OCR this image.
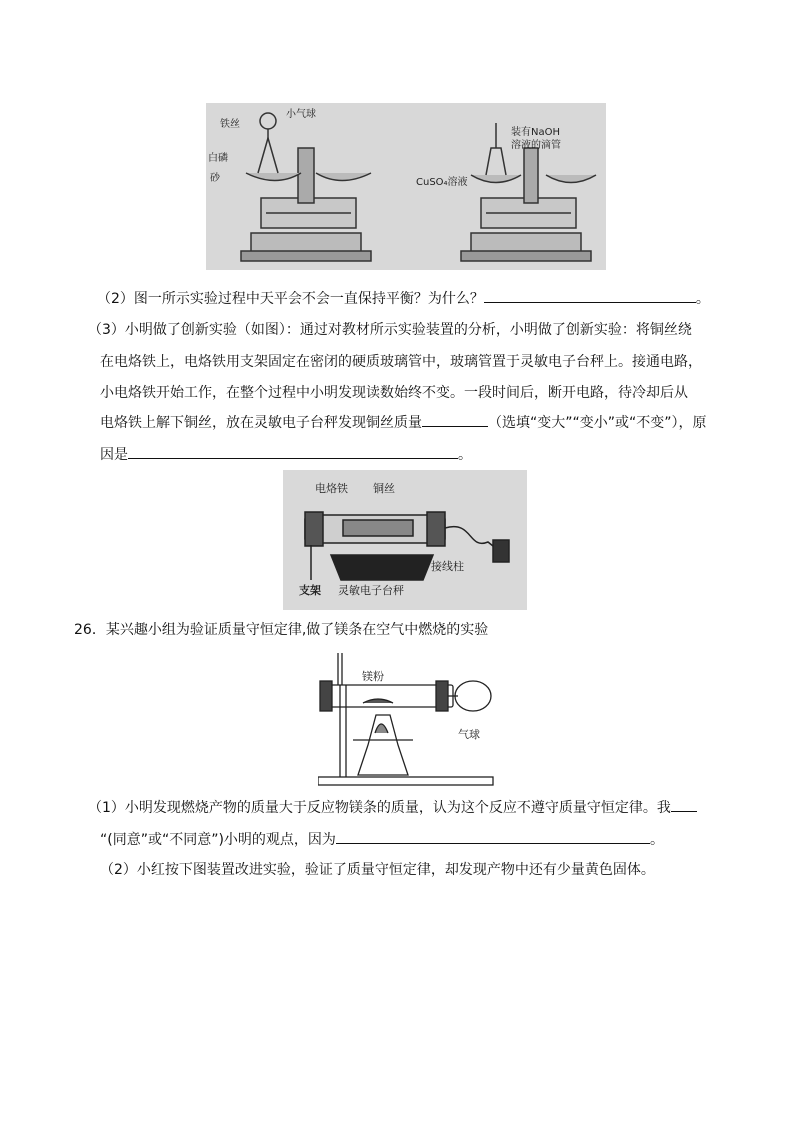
小气球
铁丝
白磷
砂
装有NaOH
溶液的滴管
CuSO₄溶液
（2）图一所示实验过程中天平会不会一直保持平衡？为什么？	。
（3）小明做了创新实验（如图）：通过对教材所示实验装置的分析，小明做了创新实验：将铜丝绕
在电烙铁上，电烙铁用支架固定在密闭的硬质玻璃管中，玻璃管置于灵敏电子台秤上。接通电路，
小电烙铁开始工作，在整个过程中小明发现读数始终不变。一段时间后，断开电路，待冷却后从
电烙铁上解下铜丝，放在灵敏电子台秤发现铜丝质量	（选填“变大”“变小”或“不变”），原
因是	。
电烙铁 铜丝
支架 灵敏电子台秤
接线柱
26．某兴趣小组为验证质量守恒定律,做了镁条在空气中燃烧的实验
镁粉
气球
（1）小明发现燃烧产物的质量大于反应物镁条的质量，认为这个反应不遵守质量守恒定律。我
“(同意”或“不同意”)小明的观点，因为	。
（2）小红按下图装置改进实验，验证了质量守恒定律，却发现产物中还有少量黄色固体。
